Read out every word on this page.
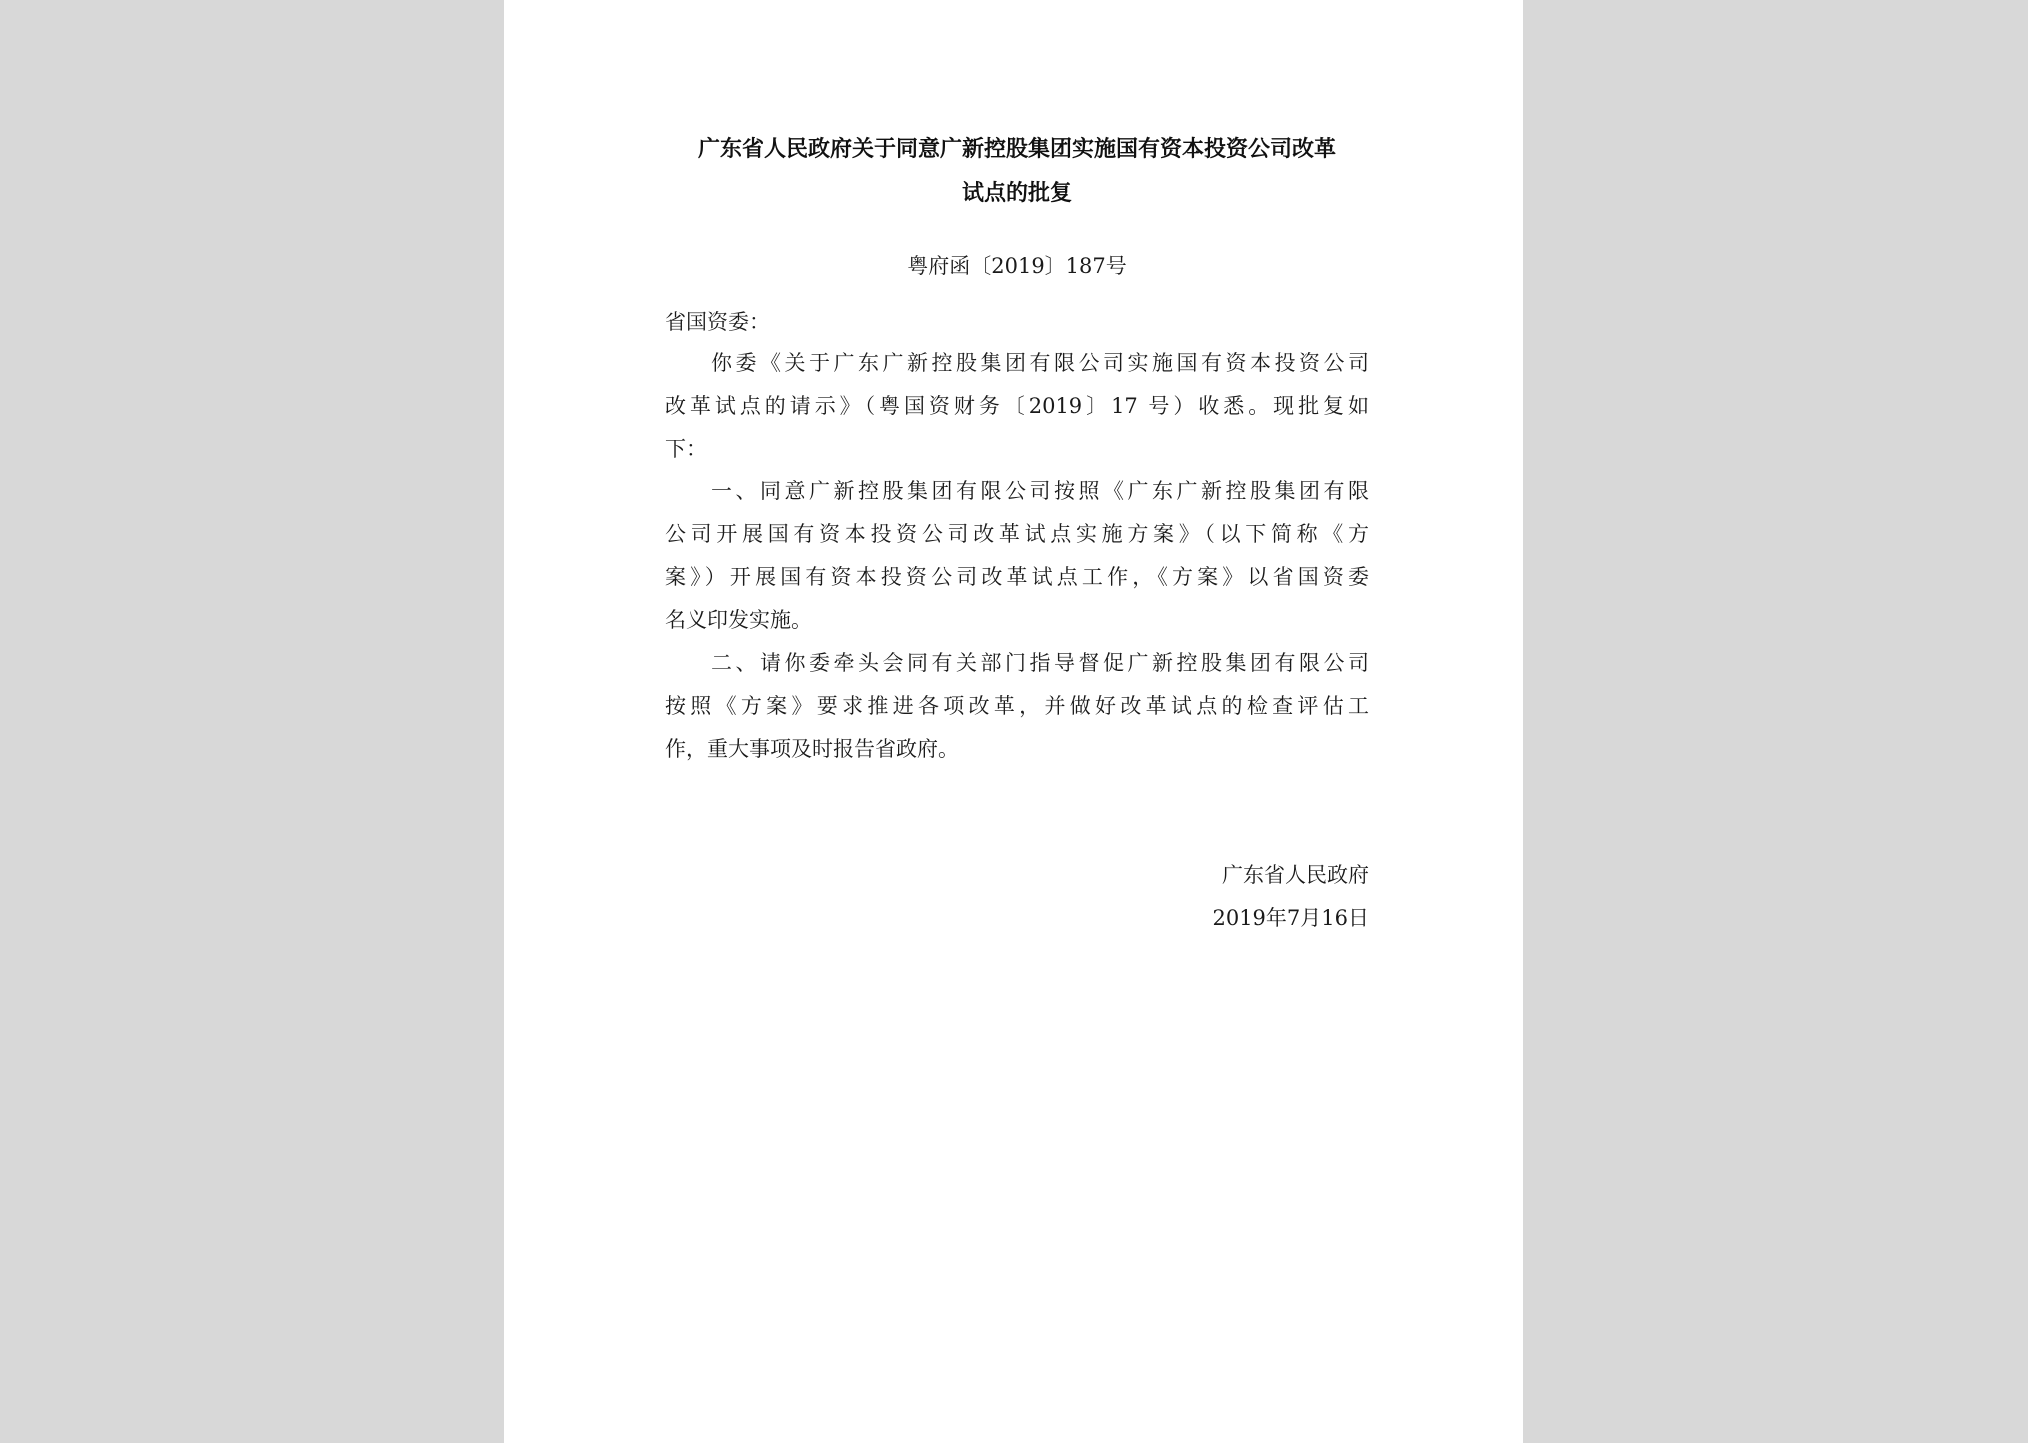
广东省人民政府关于同意广新控股集团实施国有资本投资公司改革
试点的批复
粤府函〔2019〕187号
省国资委：
你委《关于广东广新控股集团有限公司实施国有资本投资公司
改革试点的请示》（粤国资财务〔2019〕17 号）收悉。现批复如
下：
一、同意广新控股集团有限公司按照《广东广新控股集团有限
公司开展国有资本投资公司改革试点实施方案》（以下简称《方
案》）开展国有资本投资公司改革试点工作，《方案》以省国资委
名义印发实施。
二、请你委牵头会同有关部门指导督促广新控股集团有限公司
按照《方案》要求推进各项改革，并做好改革试点的检查评估工
作，重大事项及时报告省政府。
广东省人民政府
2019年7月16日
